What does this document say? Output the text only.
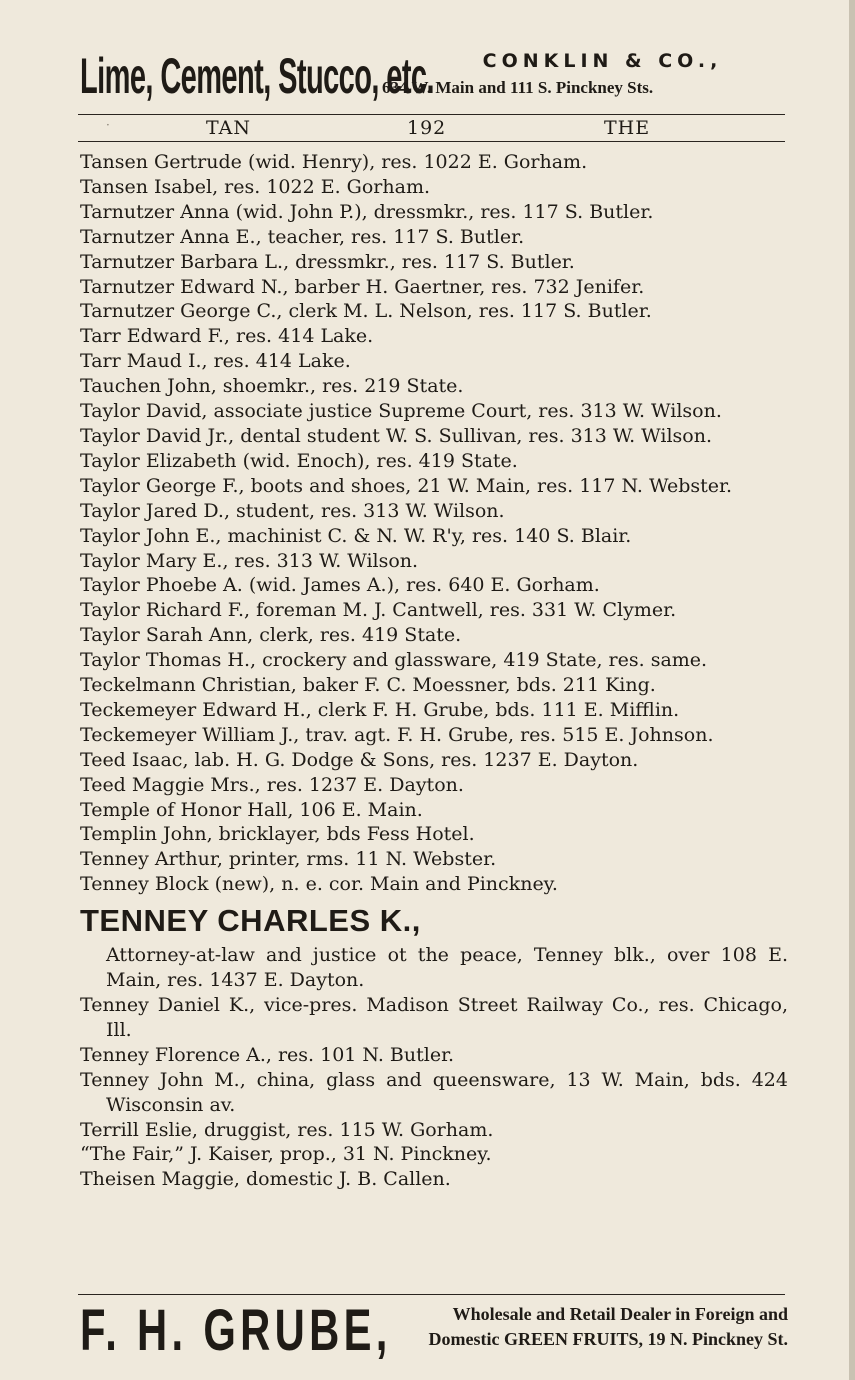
Lime, Cement, Stucco, etc.	CONKLIN & CO.,
634 W. Main and 111 S. Pinckney Sts.
·	TAN	192	THE

Tansen Gertrude (wid. Henry), res. 1022 E. Gorham.

Tansen Isabel, res. 1022 E. Gorham.

Tarnutzer Anna (wid. John P.), dressmkr., res. 117 S. Butler.

Tarnutzer Anna E., teacher, res. 117 S. Butler.

Tarnutzer Barbara L., dressmkr., res. 117 S. Butler.

Tarnutzer Edward N., barber H. Gaertner, res. 732 Jenifer.

Tarnutzer George C., clerk M. L. Nelson, res. 117 S. Butler.

Tarr Edward F., res. 414 Lake.

Tarr Maud I., res. 414 Lake.

Tauchen John, shoemkr., res. 219 State.

Taylor David, associate justice Supreme Court, res. 313 W. Wilson.

Taylor David Jr., dental student W. S. Sullivan, res. 313 W. Wilson.

Taylor Elizabeth (wid. Enoch), res. 419 State.

Taylor George F., boots and shoes, 21 W. Main, res. 117 N. Webster.

Taylor Jared D., student, res. 313 W. Wilson.

Taylor John E., machinist C. & N. W. R'y, res. 140 S. Blair.

Taylor Mary E., res. 313 W. Wilson.

Taylor Phoebe A. (wid. James A.), res. 640 E. Gorham.

Taylor Richard F., foreman M. J. Cantwell, res. 331 W. Clymer.

Taylor Sarah Ann, clerk, res. 419 State.

Taylor Thomas H., crockery and glassware, 419 State, res. same.

Teckelmann Christian, baker F. C. Moessner, bds. 211 King.

Teckemeyer Edward H., clerk F. H. Grube, bds. 111 E. Mifflin.

Teckemeyer William J., trav. agt. F. H. Grube, res. 515 E. Johnson.

Teed Isaac, lab. H. G. Dodge & Sons, res. 1237 E. Dayton.

Teed Maggie Mrs., res. 1237 E. Dayton.

Temple of Honor Hall, 106 E. Main.

Templin John, bricklayer, bds Fess Hotel.

Tenney Arthur, printer, rms. 11 N. Webster.

Tenney Block (new), n. e. cor. Main and Pinckney.

TENNEY CHARLES K.,

Attorney-at-law and justice ot the peace, Tenney blk., over 108 E. Main, res. 1437 E. Dayton.

Tenney Daniel K., vice-pres. Madison Street Railway Co., res. Chicago, Ill.

Tenney Florence A., res. 101 N. Butler.

Tenney John M., china, glass and queensware, 13 W. Main, bds. 424 Wisconsin av.

Terrill Eslie, druggist, res. 115 W. Gorham.

“The Fair,” J. Kaiser, prop., 31 N. Pinckney.

Theisen Maggie, domestic J. B. Callen.

F. H. GRUBE,	Wholesale and Retail Dealer in Foreign and
Domestic GREEN FRUITS, 19 N. Pinckney St.
